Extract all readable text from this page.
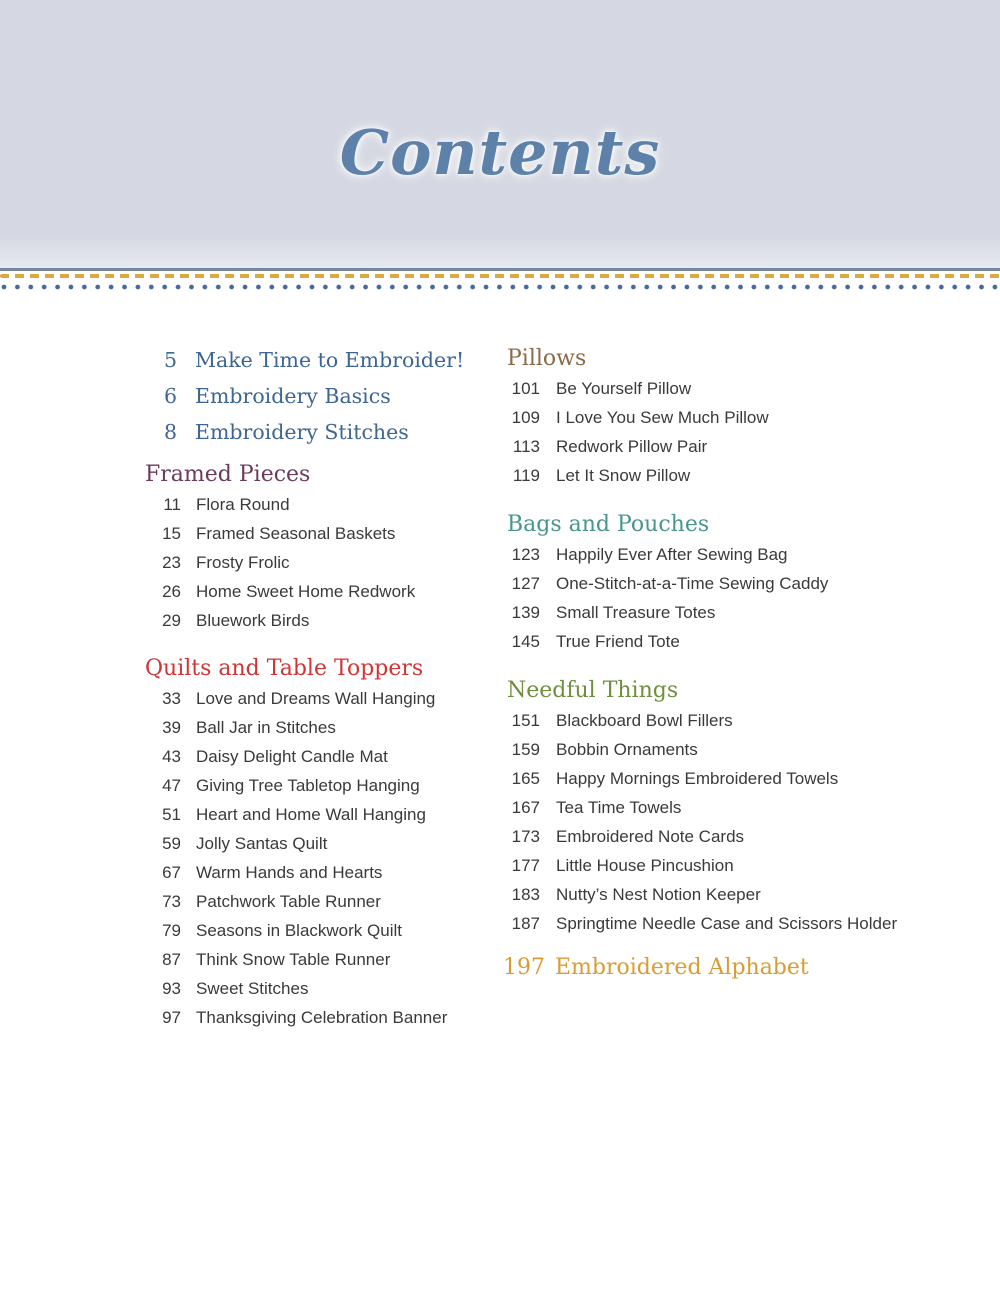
Contents
5 Make Time to Embroider!
6 Embroidery Basics
8 Embroidery Stitches
Framed Pieces
11 Flora Round
15 Framed Seasonal Baskets
23 Frosty Frolic
26 Home Sweet Home Redwork
29 Bluework Birds
Quilts and Table Toppers
33 Love and Dreams Wall Hanging
39 Ball Jar in Stitches
43 Daisy Delight Candle Mat
47 Giving Tree Tabletop Hanging
51 Heart and Home Wall Hanging
59 Jolly Santas Quilt
67 Warm Hands and Hearts
73 Patchwork Table Runner
79 Seasons in Blackwork Quilt
87 Think Snow Table Runner
93 Sweet Stitches
97 Thanksgiving Celebration Banner
Pillows
101 Be Yourself Pillow
109 I Love You Sew Much Pillow
113 Redwork Pillow Pair
119 Let It Snow Pillow
Bags and Pouches
123 Happily Ever After Sewing Bag
127 One-Stitch-at-a-Time Sewing Caddy
139 Small Treasure Totes
145 True Friend Tote
Needful Things
151 Blackboard Bowl Fillers
159 Bobbin Ornaments
165 Happy Mornings Embroidered Towels
167 Tea Time Towels
173 Embroidered Note Cards
177 Little House Pincushion
183 Nutty’s Nest Notion Keeper
187 Springtime Needle Case and Scissors Holder
197 Embroidered Alphabet
